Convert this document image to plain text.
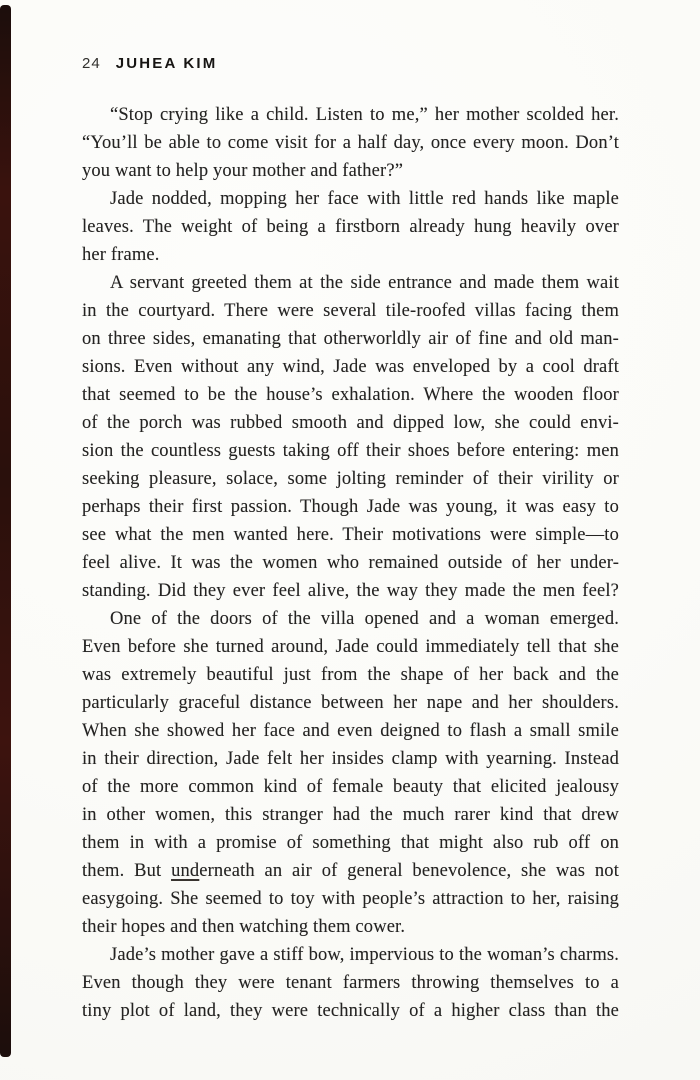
24 JUHEA KIM
“Stop crying like a child. Listen to me,” her mother scolded her.
“You’ll be able to come visit for a half day, once every moon. Don’t
you want to help your mother and father?”
Jade nodded, mopping her face with little red hands like maple
leaves. The weight of being a firstborn already hung heavily over
her frame.
A servant greeted them at the side entrance and made them wait
in the courtyard. There were several tile-roofed villas facing them
on three sides, emanating that otherworldly air of fine and old man-
sions. Even without any wind, Jade was enveloped by a cool draft
that seemed to be the house’s exhalation. Where the wooden floor
of the porch was rubbed smooth and dipped low, she could envi-
sion the countless guests taking off their shoes before entering: men
seeking pleasure, solace, some jolting reminder of their virility or
perhaps their first passion. Though Jade was young, it was easy to
see what the men wanted here. Their motivations were simple—to
feel alive. It was the women who remained outside of her under-
standing. Did they ever feel alive, the way they made the men feel?
One of the doors of the villa opened and a woman emerged.
Even before she turned around, Jade could immediately tell that she
was extremely beautiful just from the shape of her back and the
particularly graceful distance between her nape and her shoulders.
When she showed her face and even deigned to flash a small smile
in their direction, Jade felt her insides clamp with yearning. Instead
of the more common kind of female beauty that elicited jealousy
in other women, this stranger had the much rarer kind that drew
them in with a promise of something that might also rub off on
them. But underneath an air of general benevolence, she was not
easygoing. She seemed to toy with people’s attraction to her, raising
their hopes and then watching them cower.
Jade’s mother gave a stiff bow, impervious to the woman’s charms.
Even though they were tenant farmers throwing themselves to a
tiny plot of land, they were technically of a higher class than the
